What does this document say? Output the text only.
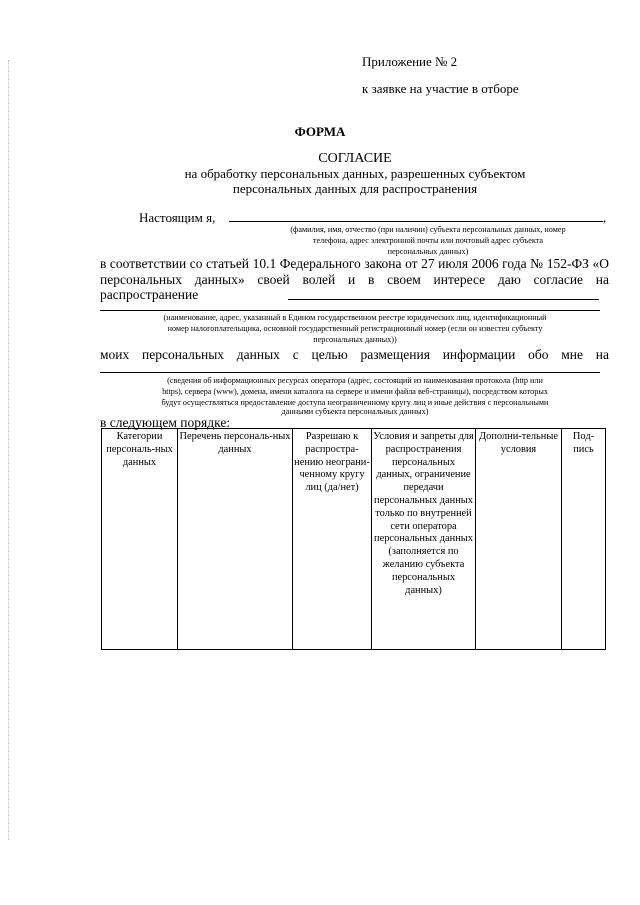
Приложение № 2
к заявке на участие в отборе
ФОРМА
СОГЛАСИЕ
на обработку персональных данных, разрешенных субъектом
персональных данных для распространения
Настоящим я,	,
(фамилия, имя, отчество (при наличии) субъекта персональных данных, номер
телефона, адрес электронной почты или почтовый адрес субъекта
персональных данных)
в соответствии со статьей 10.1 Федерального закона от 27 июля 2006 года № 152-ФЗ «О персональных данных» своей волей и в своем интересе даю согласие на распространение
(наименование, адрес, указанный в Едином государственном реестре юридических лиц, идентификационный
номер налогоплательщика, основной государственный регистрационный номер (если он известен субъекту
персональных данных))
моих персональных данных с целью размещения информации обо мне на
(сведения об информационных ресурсах оператора (адрес, состоящий из наименования протокола (http или
https), сервера (www), домена, имени каталога на сервере и имени файла веб-страницы), посредством которых
будут осуществляться предоставление доступа неограниченному кругу лиц и иные действия с персональными
данными субъекта персональных данных)
в следующем порядке:
Категории персональ-ных данных	Перечень персональ-ных данных	Разрешаю к распростра-нению неограни-ченному кругу лиц (да/нет)	Условия и запреты для распространения персональных данных, ограничение передачи персональных данных только по внутренней сети оператора персональных данных (заполняется по желанию субъекта персональных данных)	Дополни-тельные условия	Под-пись
